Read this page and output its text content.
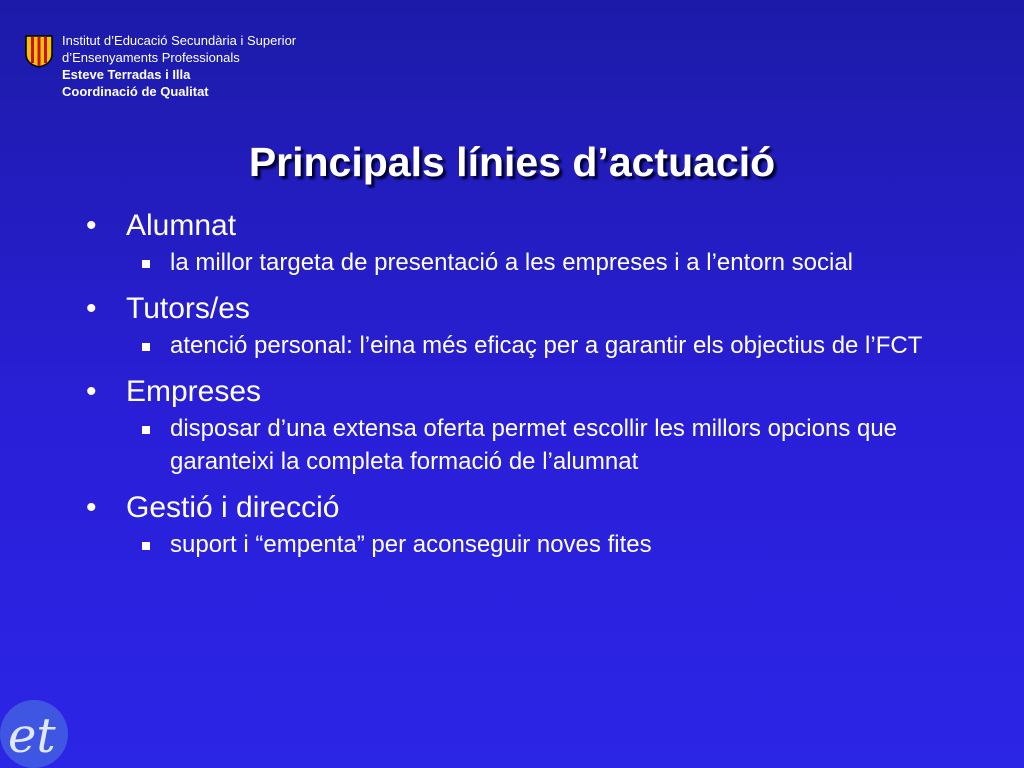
Institut d’Educació Secundària i Superior
d’Ensenyaments Professionals
Esteve Terradas i Illa
Coordinació de Qualitat
Principals línies d’actuació
• Alumnat
la millor targeta de presentació a les empreses i a l’entorn social
• Tutors/es
atenció personal: l’eina més eficaç per a garantir els objectius de l’FCT
• Empreses
disposar d’una extensa oferta permet escollir les millors opcions que garanteixi la completa formació de l’alumnat
• Gestió i direcció
suport i “empenta” per aconseguir noves fites
et
